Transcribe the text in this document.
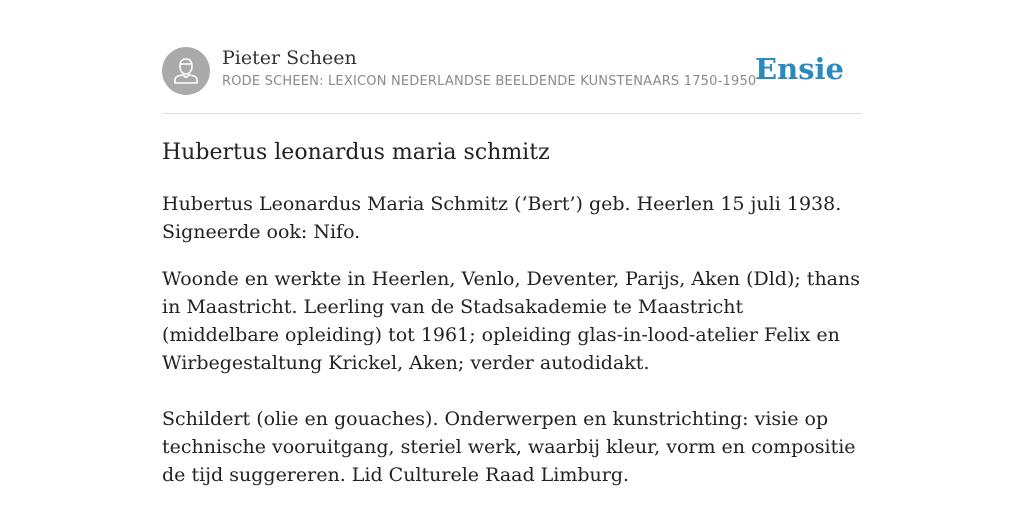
Pieter Scheen
RODE SCHEEN: LEXICON NEDERLANDSE BEELDENDE KUNSTENAARS 1750-1950
Ensie
Hubertus leonardus maria schmitz

Hubertus Leonardus Maria Schmitz (‘Bert’) geb. Heerlen 15 juli 1938. Signeerde ook: Nifo.

Woonde en werkte in Heerlen, Venlo, Deventer, Parijs, Aken (Dld); thans in Maastricht. Leerling van de Stadsakademie te Maastricht (middelbare opleiding) tot 1961; opleiding glas-in-lood-atelier Felix en Wirbegestaltung Krickel, Aken; verder autodidakt.

Schildert (olie en gouaches). Onderwerpen en kunstrichting: visie op technische vooruitgang, steriel werk, waarbij kleur, vorm en compositie de tijd suggereren. Lid Culturele Raad Limburg.
